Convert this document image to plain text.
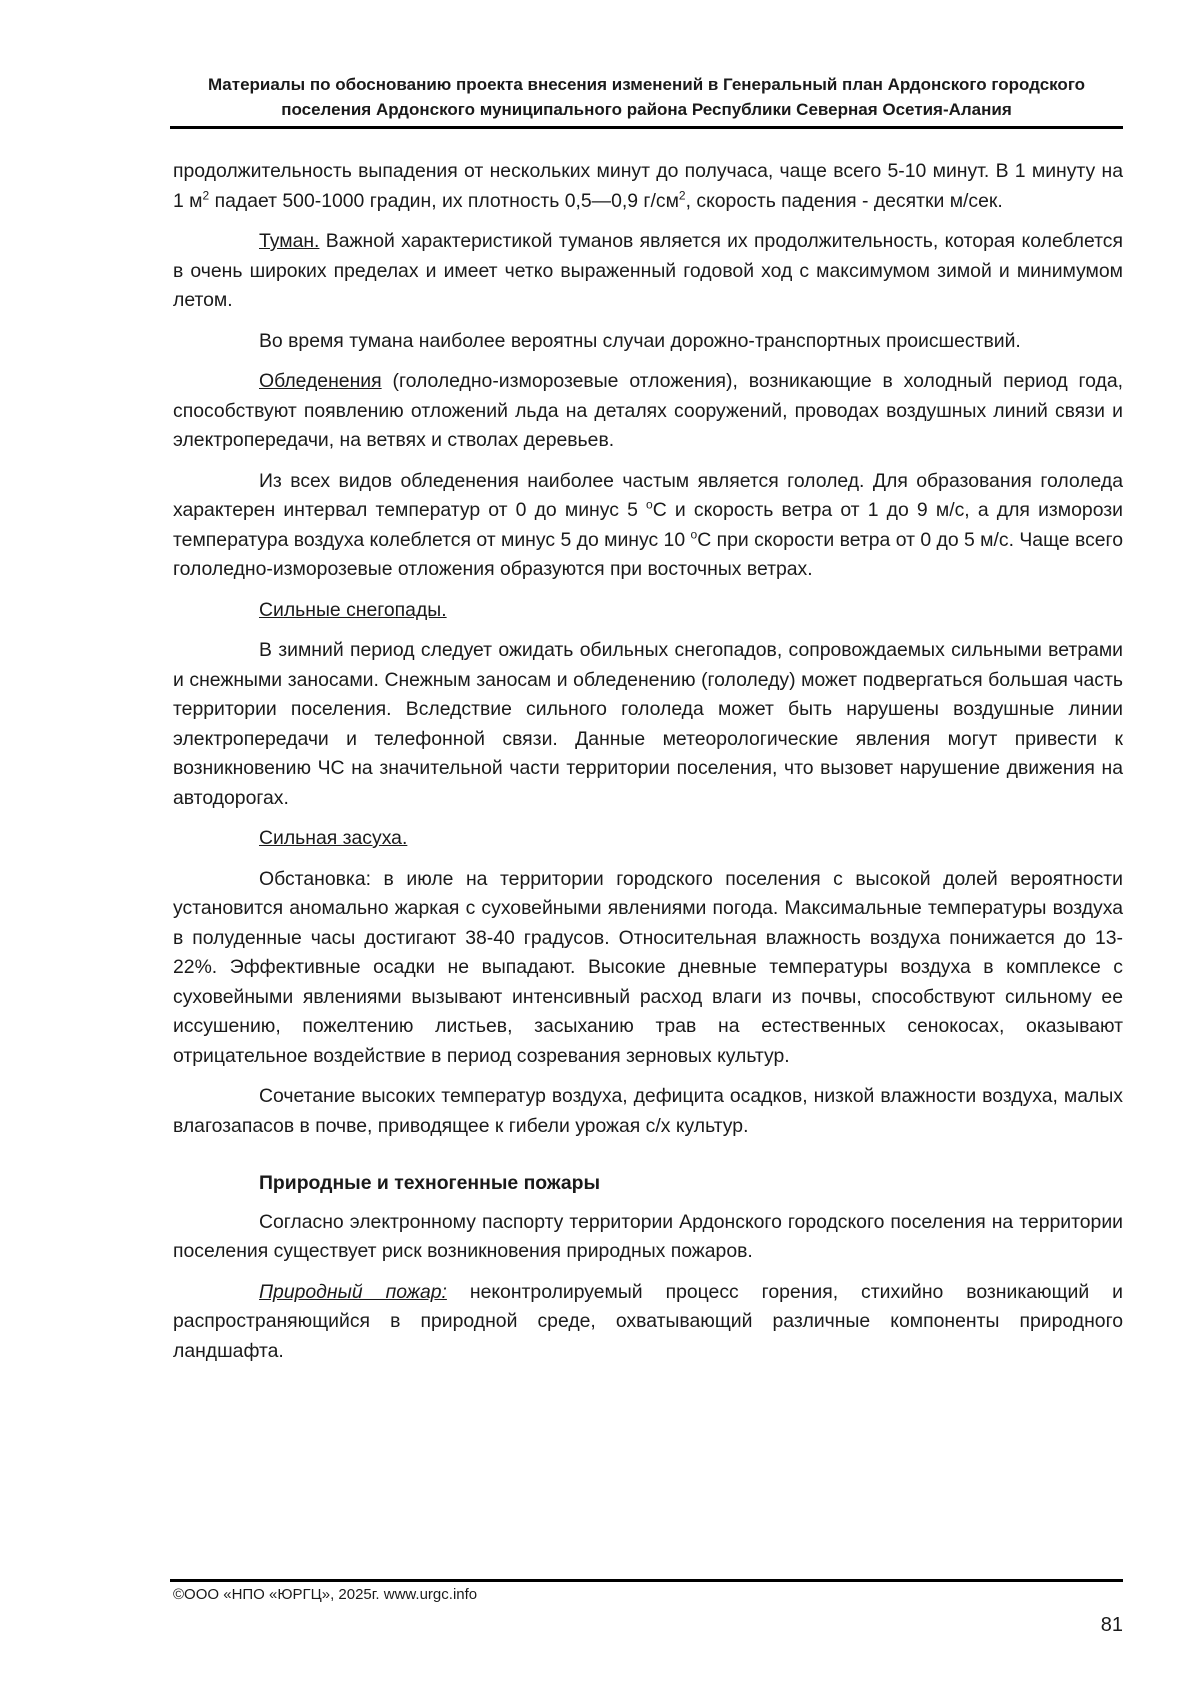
Материалы по обоснованию проекта внесения изменений в Генеральный план Ардонского городского
поселения Ардонского муниципального района Республики Северная Осетия-Алания

продолжительность выпадения от нескольких минут до получаса, чаще всего 5-10 минут. В 1 минуту на 1 $м^2$ падает 500-1000 градин, их плотность 0,5—0,9 $г/см^2$, скорость падения - десятки м/сек.

Туман. Важной характеристикой туманов является их продолжительность, которая колеблется в очень широких пределах и имеет четко выраженный годовой ход с максимумом зимой и минимумом летом.

Во время тумана наиболее вероятны случаи дорожно-транспортных происшествий.

Обледенения (гололедно-изморозевые отложения), возникающие в холодный период года, способствуют появлению отложений льда на деталях сооружений, проводах воздушных линий связи и электропередачи, на ветвях и стволах деревьев.

Из всех видов обледенения наиболее частым является гололед. Для образования гололеда характерен интервал температур от 0 до минус 5 $^o$С и скорость ветра от 1 до 9 м/с, а для изморози температура воздуха колеблется от минус 5 до минус 10 $^o$С при скорости ветра от 0 до 5 м/с. Чаще всего гололедно-изморозевые отложения образуются при восточных ветрах.

Сильные снегопады.

В зимний период следует ожидать обильных снегопадов, сопровождаемых сильными ветрами и снежными заносами. Снежным заносам и обледенению (гололеду) может подвергаться большая часть территории поселения. Вследствие сильного гололеда может быть нарушены воздушные линии электропередачи и телефонной связи. Данные метеорологические явления могут привести к возникновению ЧС на значительной части территории поселения, что вызовет нарушение движения на автодорогах.

Сильная засуха.

Обстановка: в июле на территории городского поселения с высокой долей вероятности установится аномально жаркая с суховейными явлениями погода. Максимальные температуры воздуха в полуденные часы достигают 38-40 градусов. Относительная влажность воздуха понижается до 13-22%. Эффективные осадки не выпадают. Высокие дневные температуры воздуха в комплексе с суховейными явлениями вызывают интенсивный расход влаги из почвы, способствуют сильному ее иссушению, пожелтению листьев, засыханию трав на естественных сенокосах, оказывают отрицательное воздействие в период созревания зерновых культур.

Сочетание высоких температур воздуха, дефицита осадков, низкой влажности воздуха, малых влагозапасов в почве, приводящее к гибели урожая с/х культур.

Природные и техногенные пожары

Согласно электронному паспорту территории Ардонского городского поселения на территории поселения существует риск возникновения природных пожаров.

Природный пожар: неконтролируемый процесс горения, стихийно возникающий и распространяющийся в природной среде, охватывающий различные компоненты природного ландшафта.

©ООО «НПО «ЮРГЦ», 2025г. www.urgc.info
81
